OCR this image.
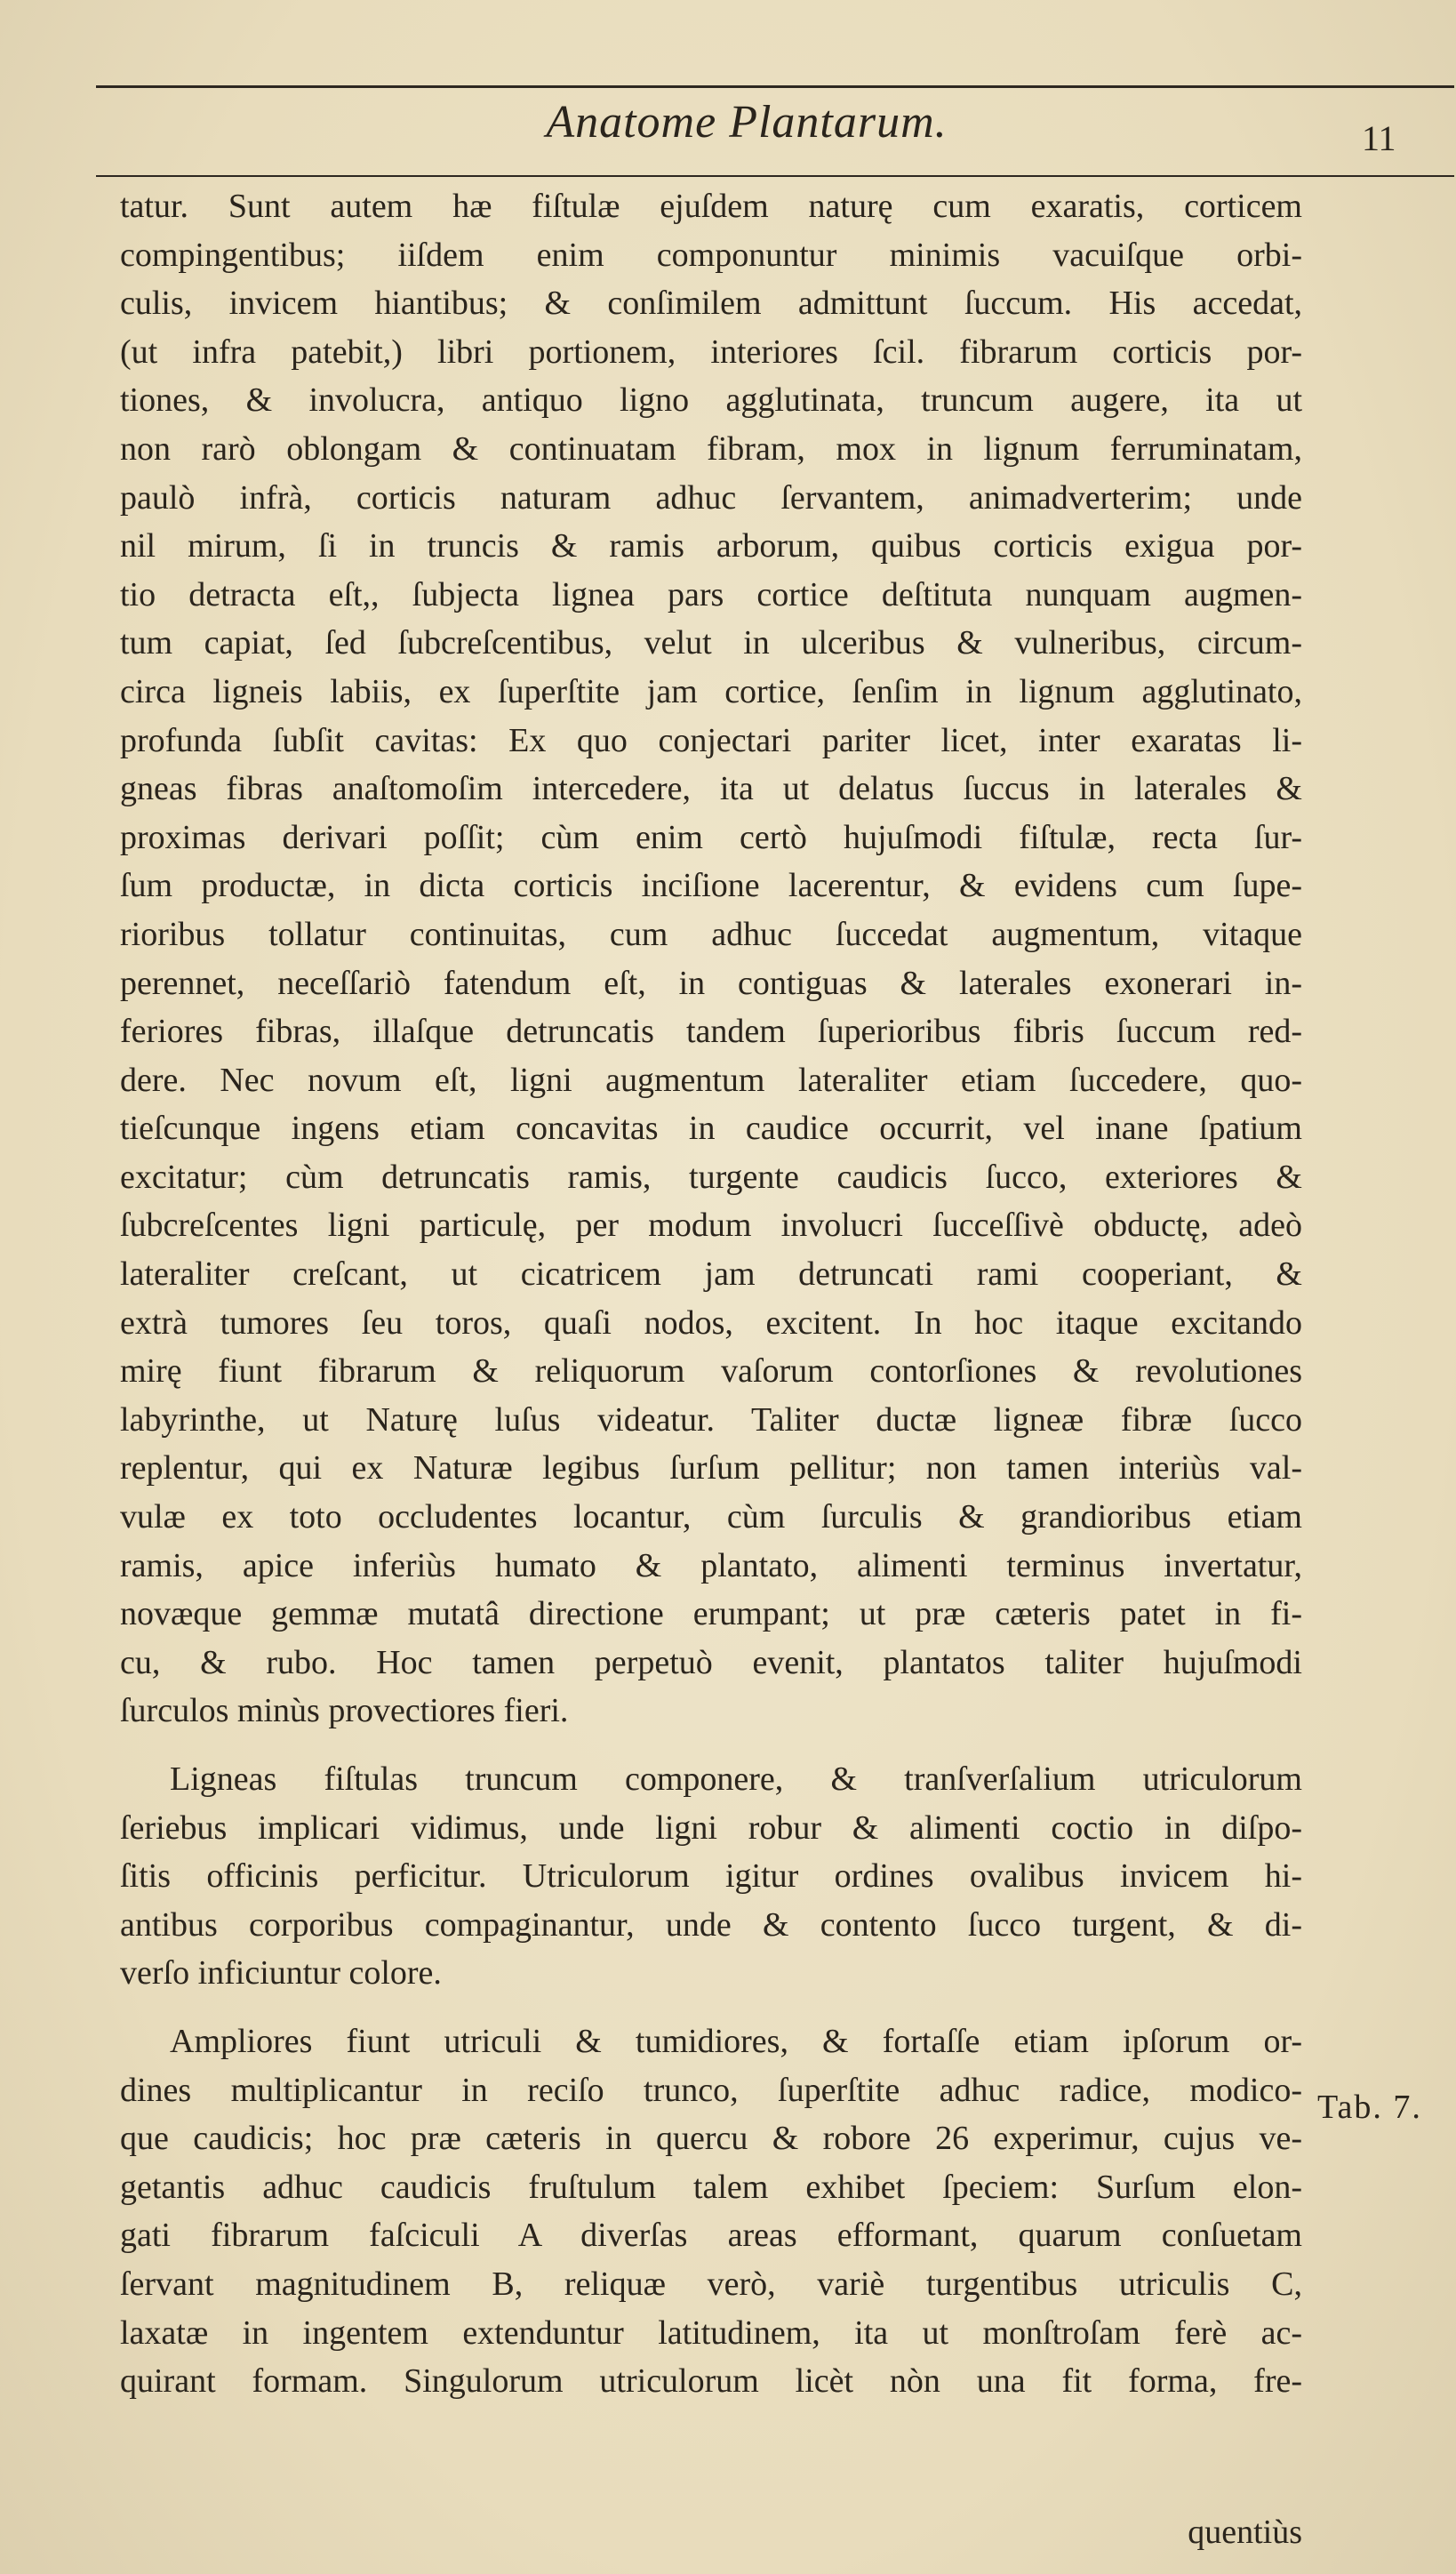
Anatome Plantarum.	11
tatur. Sunt autem hæ fiſtulæ ejuſdem naturę cum exaratis, corticem
compingentibus; iiſdem enim componuntur minimis vacuiſque orbi-
culis, invicem hiantibus; & conſimilem admittunt ſuccum. His accedat,
(ut infra patebit,) libri portionem, interiores ſcil. fibrarum corticis por-
tiones, & involucra, antiquo ligno agglutinata, truncum augere, ita ut
non rarò oblongam & continuatam fibram, mox in lignum ferruminatam,
paulò infrà, corticis naturam adhuc ſervantem, animadverterim; unde
nil mirum, ſi in truncis & ramis arborum, quibus corticis exigua por-
tio detracta eſt,, ſubjecta lignea pars cortice deſtituta nunquam augmen-
tum capiat, ſed ſubcreſcentibus, velut in ulceribus & vulneribus, circum-
circa ligneis labiis, ex ſuperſtite jam cortice, ſenſim in lignum agglutinato,
profunda ſubſit cavitas: Ex quo conjectari pariter licet, inter exaratas li-
gneas fibras anaſtomoſim intercedere, ita ut delatus ſuccus in laterales &
proximas derivari poſſit; cùm enim certò hujuſmodi fiſtulæ, recta ſur-
ſum productæ, in dicta corticis inciſione lacerentur, & evidens cum ſupe-
rioribus tollatur continuitas, cum adhuc ſuccedat augmentum, vitaque
perennet, neceſſariò fatendum eſt, in contiguas & laterales exonerari in-
feriores fibras, illaſque detruncatis tandem ſuperioribus fibris ſuccum red-
dere. Nec novum eſt, ligni augmentum lateraliter etiam ſuccedere, quo-
tieſcunque ingens etiam concavitas in caudice occurrit, vel inane ſpatium
excitatur; cùm detruncatis ramis, turgente caudicis ſucco, exteriores &
ſubcreſcentes ligni particulę, per modum involucri ſucceſſivè obductę, adeò
lateraliter creſcant, ut cicatricem jam detruncati rami cooperiant, &
extrà tumores ſeu toros, quaſi nodos, excitent. In hoc itaque excitando
mirę fiunt fibrarum & reliquorum vaſorum contorſiones & revolutiones
labyrinthe, ut Naturę luſus videatur. Taliter ductæ ligneæ fibræ ſucco
replentur, qui ex Naturæ legibus ſurſum pellitur; non tamen interiùs val-
vulæ ex toto occludentes locantur, cùm ſurculis & grandioribus etiam
ramis, apice inferiùs humato & plantato, alimenti terminus invertatur,
novæque gemmæ mutatâ directione erumpant; ut præ cæteris patet in fi-
cu, & rubo. Hoc tamen perpetuò evenit, plantatos taliter hujuſmodi
ſurculos minùs provectiores fieri.
Ligneas fiſtulas truncum componere, & tranſverſalium utriculorum
ſeriebus implicari vidimus, unde ligni robur & alimenti coctio in diſpo-
ſitis officinis perficitur. Utriculorum igitur ordines ovalibus invicem hi-
antibus corporibus compaginantur, unde & contento ſucco turgent, & di-
verſo inficiuntur colore.
Ampliores fiunt utriculi & tumidiores, & fortaſſe etiam ipſorum or-
dines multiplicantur in reciſo trunco, ſuperſtite adhuc radice, modico-
que caudicis; hoc præ cæteris in quercu & robore 26 experimur, cujus ve-
getantis adhuc caudicis fruſtulum talem exhibet ſpeciem: Surſum elon-
gati fibrarum faſciculi A diverſas areas efformant, quarum conſuetam
ſervant magnitudinem B, reliquæ verò, variè turgentibus utriculis C,
laxatæ in ingentem extenduntur latitudinem, ita ut monſtroſam ferè ac-
quirant formam. Singulorum utriculorum licèt nòn una fit forma, fre-
Tab. 7.
quentiùs
